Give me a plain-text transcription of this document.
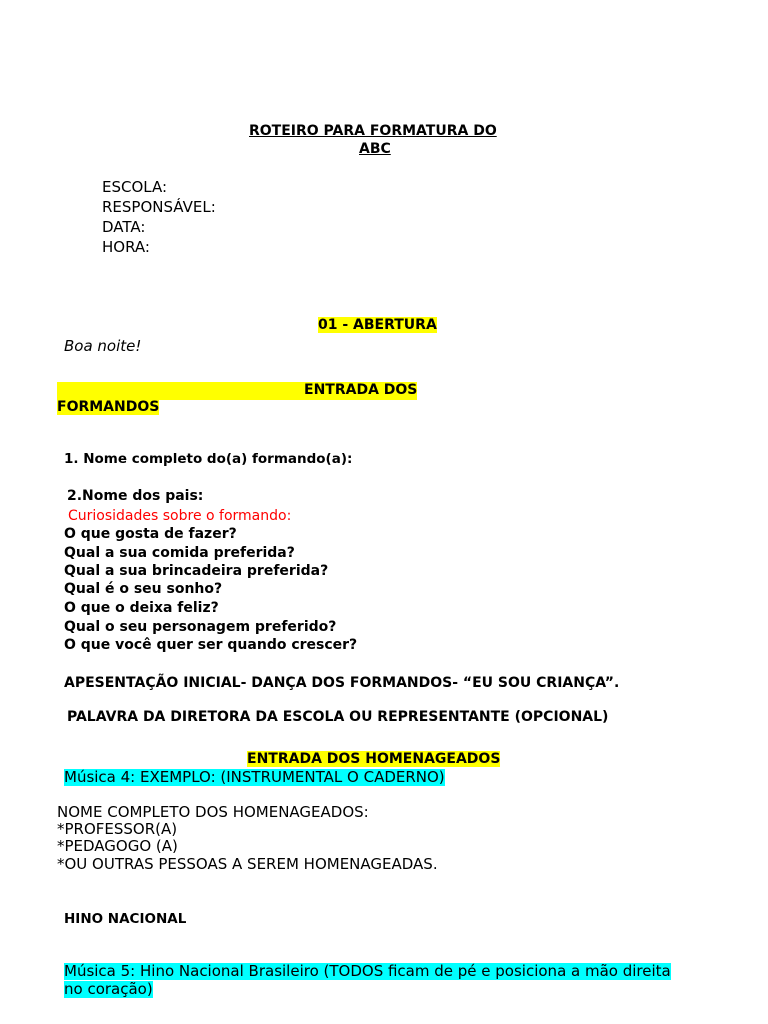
ROTEIRO PARA FORMATURA DO
ABC
ESCOLA:
RESPONSÁVEL:
DATA:
HORA:
01 - ABERTURA
Boa noite!
ENTRADA DOS
FORMANDOS
1. Nome completo do(a) formando(a):
2.Nome dos pais:
Curiosidades sobre o formando:
O que gosta de fazer?
Qual a sua comida preferida?
Qual a sua brincadeira preferida?
Qual é o seu sonho?
O que o deixa feliz?
Qual o seu personagem preferido?
O que você quer ser quando crescer?
APESENTAÇÃO INICIAL- DANÇA DOS FORMANDOS- “EU SOU CRIANÇA”.
PALAVRA DA DIRETORA DA ESCOLA OU REPRESENTANTE (OPCIONAL)
ENTRADA DOS HOMENAGEADOS
Música 4: EXEMPLO: (INSTRUMENTAL O CADERNO)
NOME COMPLETO DOS HOMENAGEADOS:
*PROFESSOR(A)
*PEDAGOGO (A)
*OU OUTRAS PESSOAS A SEREM HOMENAGEADAS.
HINO NACIONAL
Música 5: Hino Nacional Brasileiro (TODOS ficam de pé e posiciona a mão direita
no coração)
